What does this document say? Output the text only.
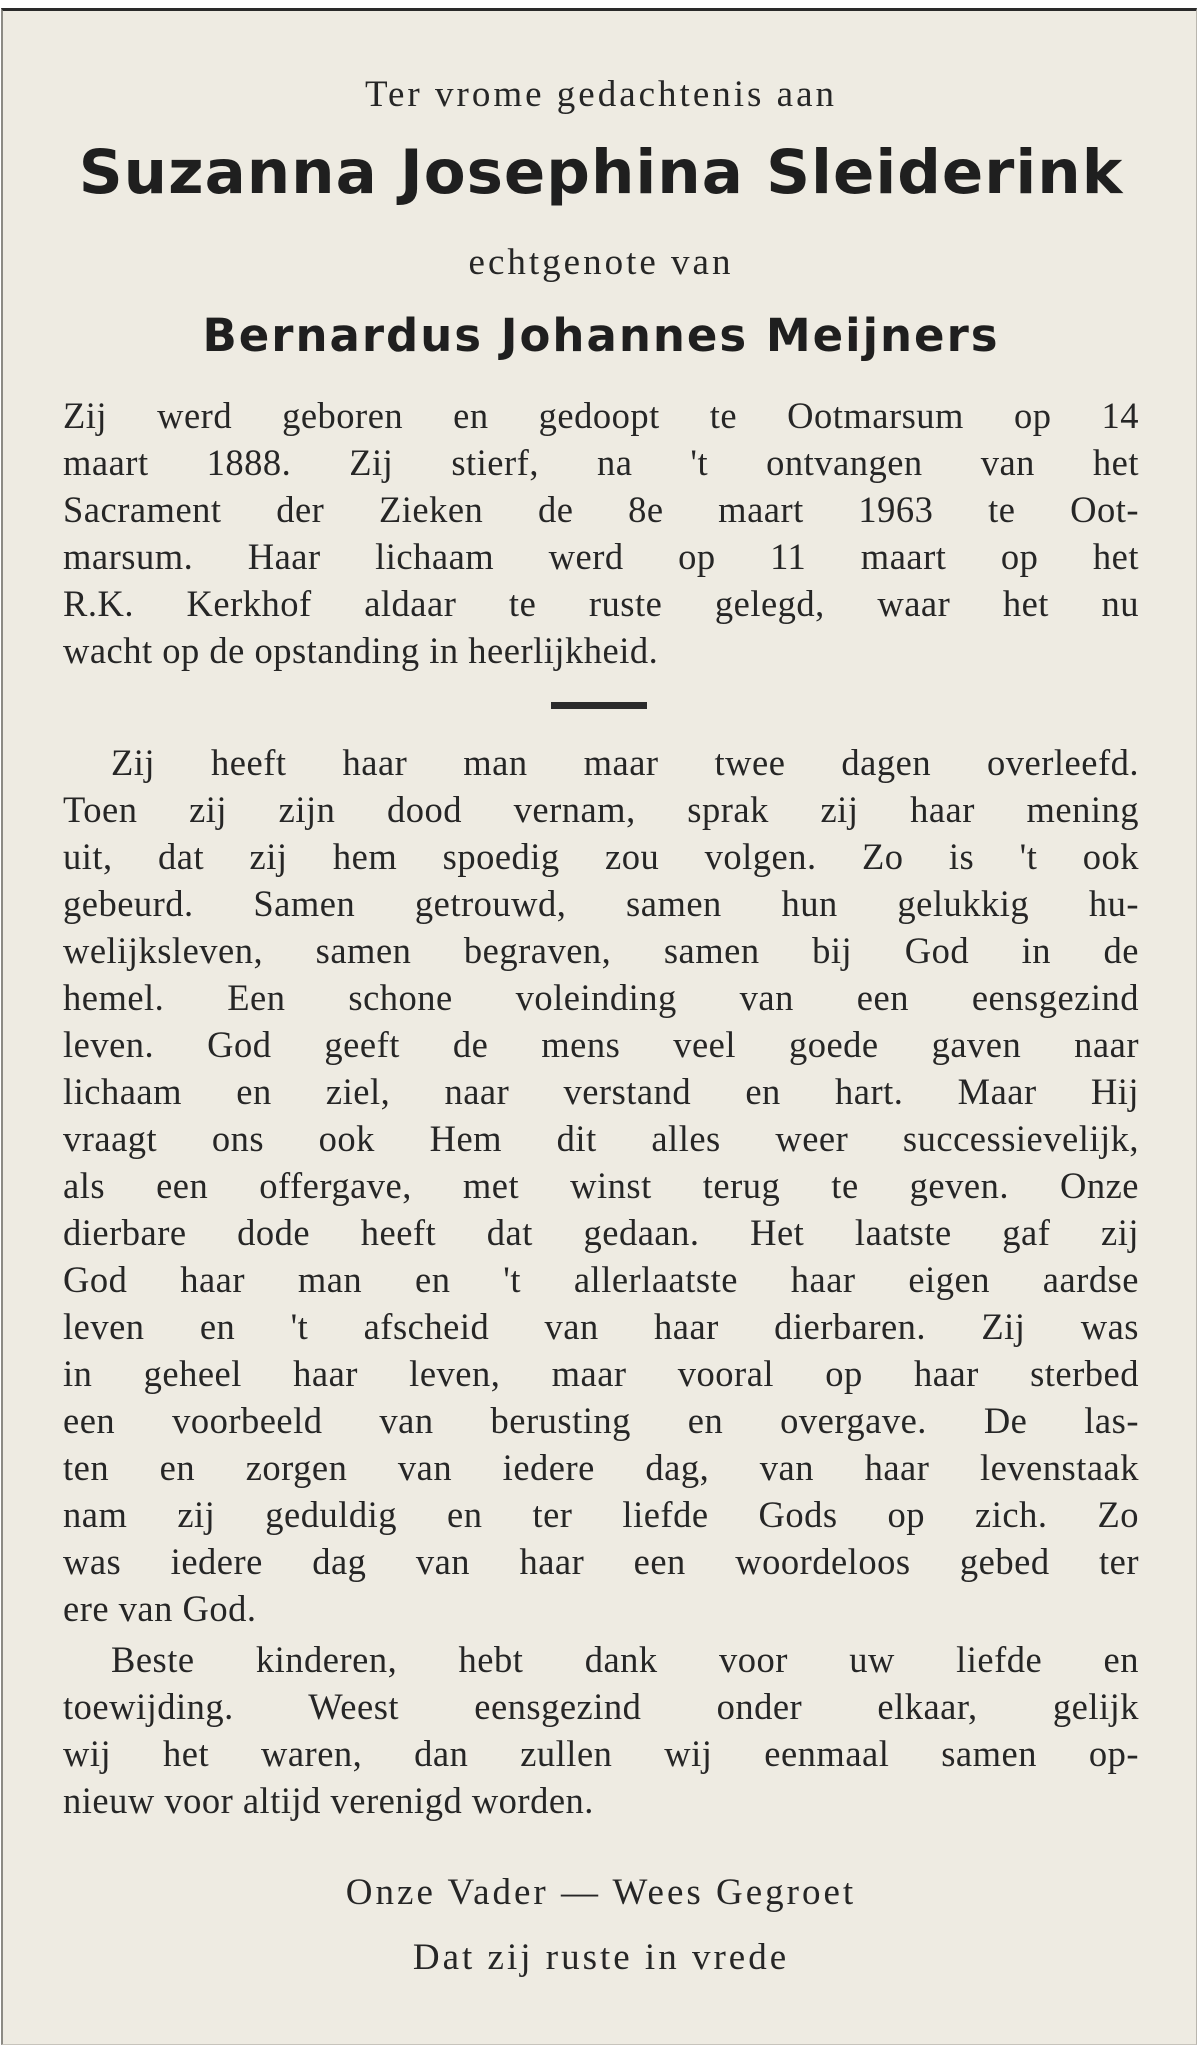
Ter vrome gedachtenis aan
Suzanna Josephina Sleiderink
echtgenote van
Bernardus Johannes Meijners
Zij werd geboren en gedoopt te Ootmarsum op 14
maart 1888. Zij stierf, na 't ontvangen van het
Sacrament der Zieken de 8e maart 1963 te Oot-
marsum. Haar lichaam werd op 11 maart op het
R.K. Kerkhof aldaar te ruste gelegd, waar het nu
wacht op de opstanding in heerlijkheid.
Zij heeft haar man maar twee dagen overleefd.
Toen zij zijn dood vernam, sprak zij haar mening
uit, dat zij hem spoedig zou volgen. Zo is 't ook
gebeurd. Samen getrouwd, samen hun gelukkig hu-
welijksleven, samen begraven, samen bij God in de
hemel. Een schone voleinding van een eensgezind
leven. God geeft de mens veel goede gaven naar
lichaam en ziel, naar verstand en hart. Maar Hij
vraagt ons ook Hem dit alles weer successievelijk,
als een offergave, met winst terug te geven. Onze
dierbare dode heeft dat gedaan. Het laatste gaf zij
God haar man en 't allerlaatste haar eigen aardse
leven en 't afscheid van haar dierbaren. Zij was
in geheel haar leven, maar vooral op haar sterbed
een voorbeeld van berusting en overgave. De las-
ten en zorgen van iedere dag, van haar levenstaak
nam zij geduldig en ter liefde Gods op zich. Zo
was iedere dag van haar een woordeloos gebed ter
ere van God.
Beste kinderen, hebt dank voor uw liefde en
toewijding. Weest eensgezind onder elkaar, gelijk
wij het waren, dan zullen wij eenmaal samen op-
nieuw voor altijd verenigd worden.
Onze Vader — Wees Gegroet
Dat zij ruste in vrede
